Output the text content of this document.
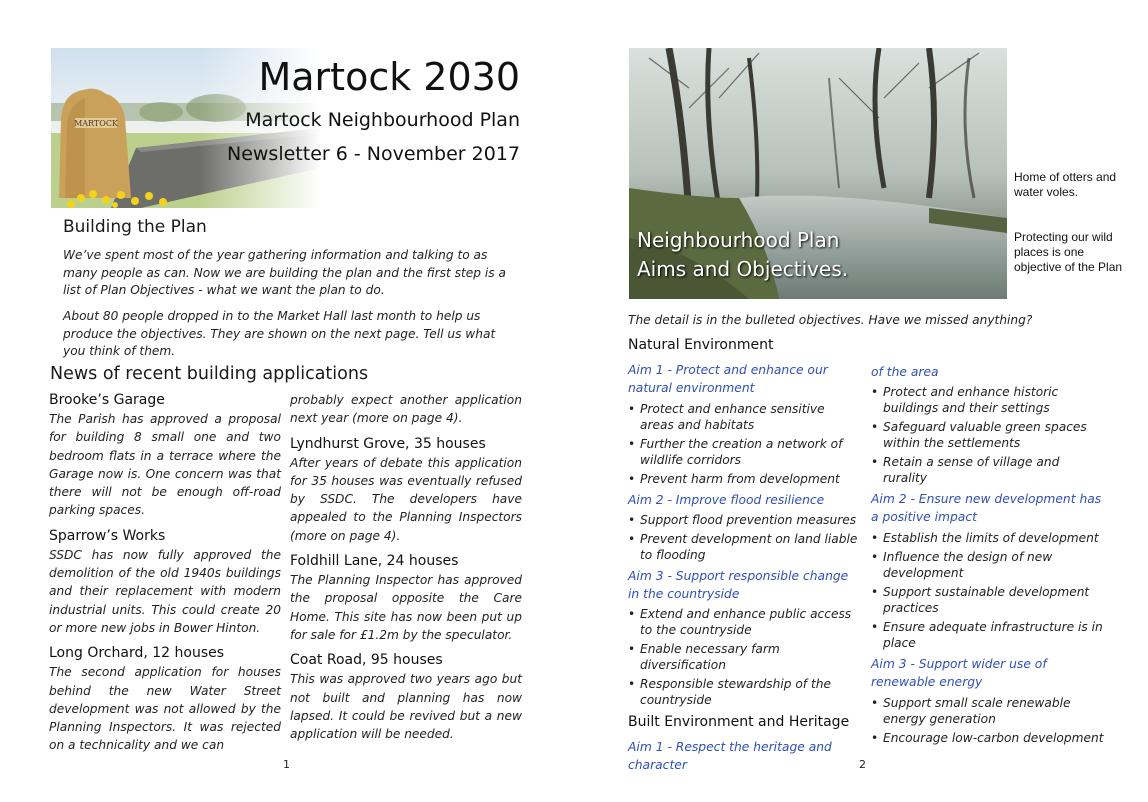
Martock 2030
Martock Neighbourhood Plan
Newsletter 6 - November 2017
Building the Plan

We’ve spent most of the year gathering information and talking to as many people as can. Now we are building the plan and the first step is a list of Plan Objectives - what we want the plan to do.

About 80 people dropped in to the Market Hall last month to help us produce the objectives. They are shown on the next page. Tell us what you think of them.

News of recent building applications
Brooke’s Garage

The Parish has approved a proposal for building 8 small one and two bedroom flats in a terrace where the Garage now is. One concern was that there will not be enough off-road parking spaces.

Sparrow’s Works

SSDC has now fully approved the demolition of the old 1940s buildings and their replacement with modern industrial units. This could create 20 or more new jobs in Bower Hinton.

Long Orchard, 12 houses

The second application for houses behind the new Water Street development was not allowed by the Planning Inspectors. It was rejected on a technicality and we can

probably expect another application next year (more on page 4).

Lyndhurst Grove, 35 houses

After years of debate this application for 35 houses was eventually refused by SSDC. The developers have appealed to the Planning Inspectors (more on page 4).

Foldhill Lane, 24 houses

The Planning Inspector has approved the proposal opposite the Care Home. This site has now been put up for sale for £1.2m by the speculator.

Coat Road, 95 houses

This was approved two years ago but not built and planning has now lapsed. It could be revived but a new application will be needed.

1
Neighbourhood Plan
Aims and Objectives.

Home of otters and water voles.

Protecting our wild places is one objective of the Plan

The detail is in the bulleted objectives. Have we missed anything?

Natural Environment

Aim 1 - Protect and enhance our natural environment

• Protect and enhance sensitive areas and habitats
• Further the creation a network of wildlife corridors
• Prevent harm from development

Aim 2 - Improve flood resilience

• Support flood prevention measures
• Prevent development on land liable to flooding

Aim 3 - Support responsible change in the countryside

• Extend and enhance public access to the countryside
• Enable necessary farm diversification
• Responsible stewardship of the countryside
Built Environment and Heritage

Aim 1 - Respect the heritage and character

of the area

• Protect and enhance historic buildings and their settings
• Safeguard valuable green spaces within the settlements
• Retain a sense of village and rurality

Aim 2 - Ensure new development has a positive impact

• Establish the limits of development
• Influence the design of new development
• Support sustainable development practices
• Ensure adequate infrastructure is in place

Aim 3 - Support wider use of renewable energy

• Support small scale renewable energy generation
• Encourage low-carbon development
2
